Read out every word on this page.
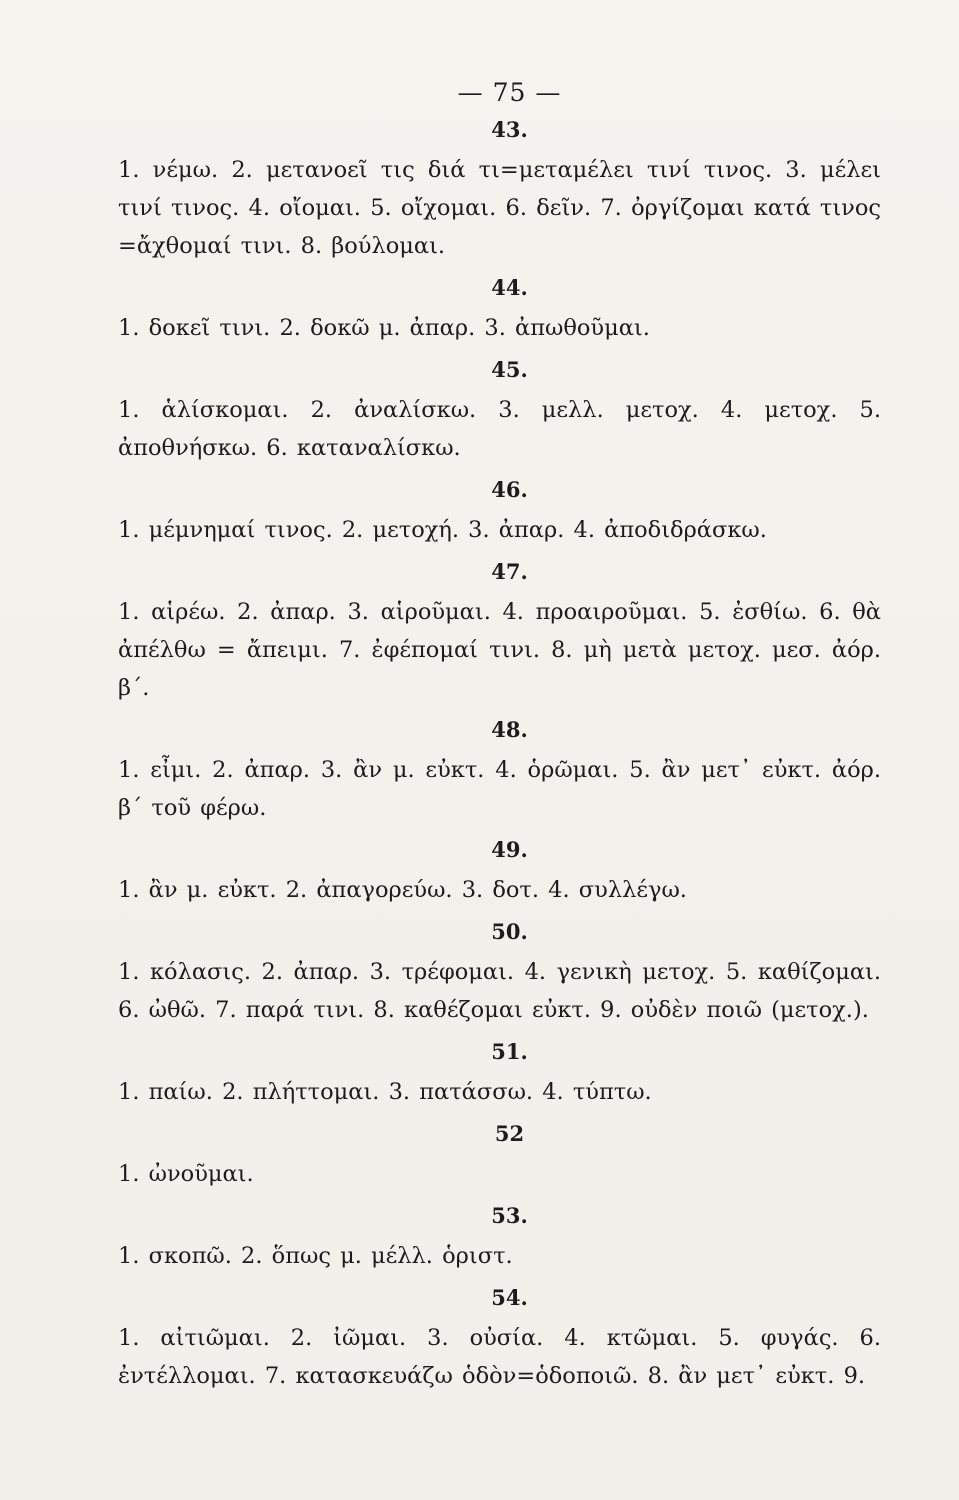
— 75 —
43.

1. νέμω. 2. μετανοεῖ τις διά τι=μεταμέλει τινί τινος. 3. μέλει τινί τινος. 4. οἴομαι. 5. οἴχομαι. 6. δεῖν. 7. ὀργίζομαι κατά τινος =ἄχθομαί τινι. 8. βούλομαι.

44.

1. δοκεῖ τινι. 2. δοκῶ μ. ἀπαρ. 3. ἀπωθοῦμαι.

45.

1. ἁλίσκομαι. 2. ἀναλίσκω. 3. μελλ. μετοχ. 4. μετοχ. 5. ἀποθνήσκω. 6. καταναλίσκω.

46.

1. μέμνημαί τινος. 2. μετοχή. 3. ἀπαρ. 4. ἀποδιδράσκω.

47.

1. αἱρέω. 2. ἀπαρ. 3. αἱροῦμαι. 4. προαιροῦμαι. 5. ἐσθίω. 6. θὰ ἀπέλθω = ἄπειμι. 7. ἐφέπομαί τινι. 8. μὴ μετὰ μετοχ. μεσ. ἀόρ. β΄.

48.

1. εἶμι. 2. ἀπαρ. 3. ἂν μ. εὐκτ. 4. ὁρῶμαι. 5. ἂν μετ᾽ εὐκτ. ἀόρ. β΄ τοῦ φέρω.

49.

1. ἂν μ. εὐκτ. 2. ἀπαγορεύω. 3. δοτ. 4. συλλέγω.

50.

1. κόλασις. 2. ἀπαρ. 3. τρέφομαι. 4. γενικὴ μετοχ. 5. καθίζομαι. 6. ὠθῶ. 7. παρά τινι. 8. καθέζομαι εὐκτ. 9. οὐδὲν ποιῶ (μετοχ.).

51.

1. παίω. 2. πλήττομαι. 3. πατάσσω. 4. τύπτω.

52

1. ὠνοῦμαι.

53.

1. σκοπῶ. 2. ὅπως μ. μέλλ. ὁριστ.

54.

1. αἰτιῶμαι. 2. ἰῶμαι. 3. οὐσία. 4. κτῶμαι. 5. φυγάς. 6. ἐντέλλομαι. 7. κατασκευάζω ὁδὸν=ὁδοποιῶ. 8. ἂν μετ᾽ εὐκτ. 9.
